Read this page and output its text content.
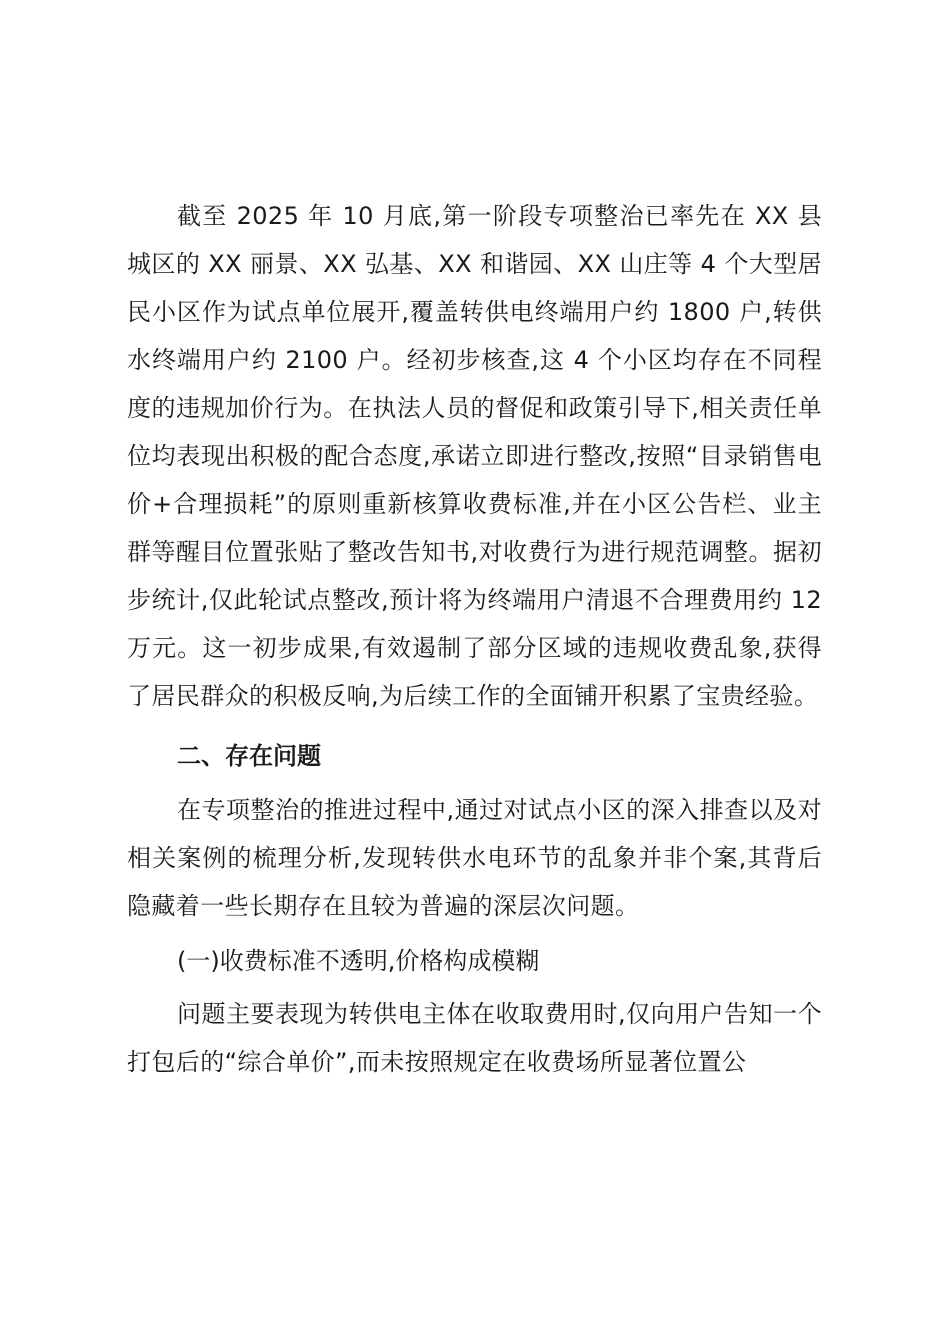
截至 2025 年 10 月底,第一阶段专项整治已率先在 XX 县城区的 XX 丽景、XX 弘基、XX 和谐园、XX 山庄等 4 个大型居民小区作为试点单位展开,覆盖转供电终端用户约 1800 户,转供水终端用户约 2100 户。经初步核查,这 4 个小区均存在不同程度的违规加价行为。在执法人员的督促和政策引导下,相关责任单位均表现出积极的配合态度,承诺立即进行整改,按照“目录销售电价+合理损耗”的原则重新核算收费标准,并在小区公告栏、业主群等醒目位置张贴了整改告知书,对收费行为进行规范调整。据初步统计,仅此轮试点整改,预计将为终端用户清退不合理费用约 12 万元。这一初步成果,有效遏制了部分区域的违规收费乱象,获得了居民群众的积极反响,为后续工作的全面铺开积累了宝贵经验。

二、存在问题

在专项整治的推进过程中,通过对试点小区的深入排查以及对相关案例的梳理分析,发现转供水电环节的乱象并非个案,其背后隐藏着一些长期存在且较为普遍的深层次问题。

(一)收费标准不透明,价格构成模糊

问题主要表现为转供电主体在收取费用时,仅向用户告知一个打包后的“综合单价”,而未按照规定在收费场所显著位置公
